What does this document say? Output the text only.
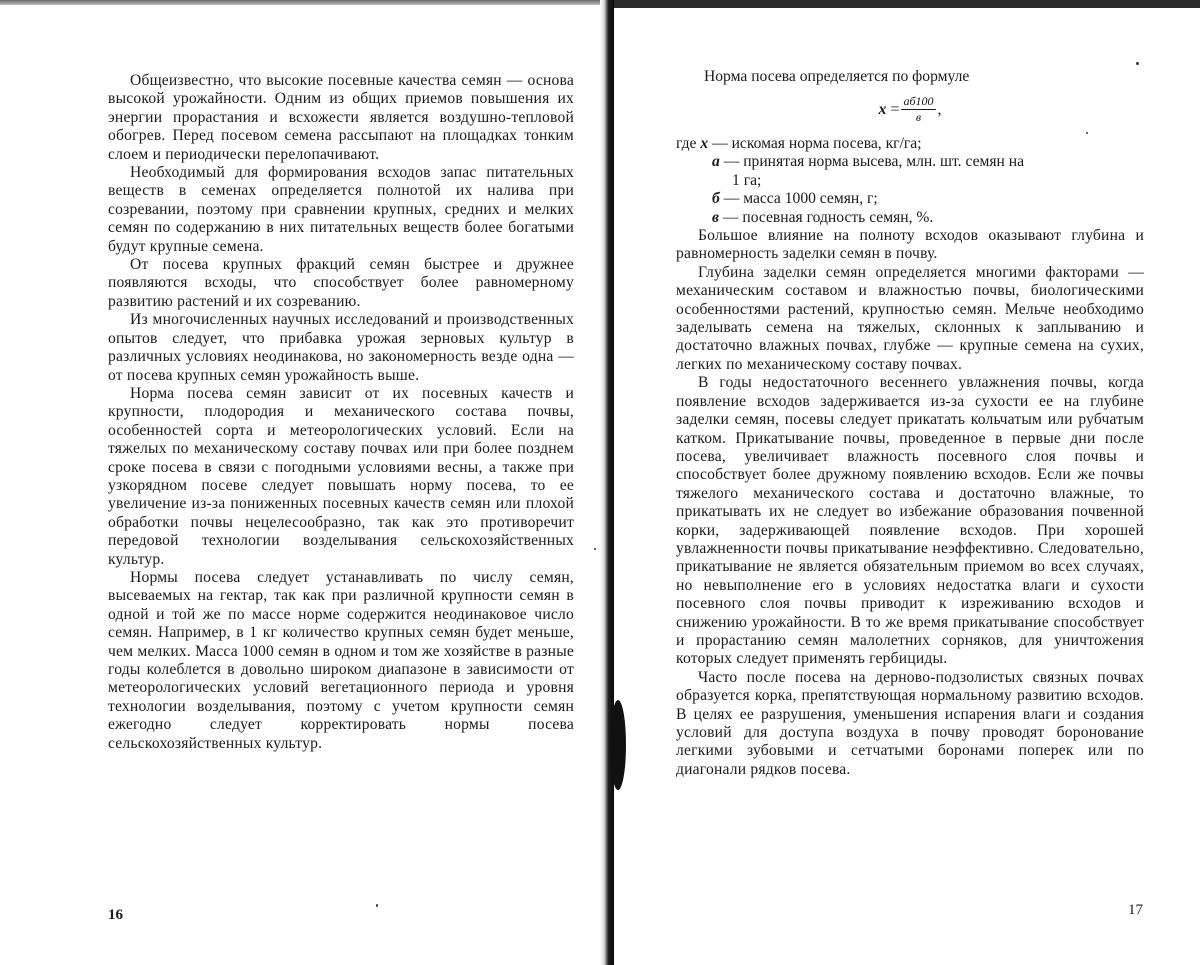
Общеизвестно, что высокие посевные качества семян — основа высокой урожайности. Одним из общих приемов повышения их энергии прорастания и всхожести является воздушно-тепловой обогрев. Перед посевом семена рассыпают на площадках тонким слоем и периодически перелопачивают.

Необходимый для формирования всходов запас питательных веществ в семенах определяется полнотой их налива при созревании, поэтому при сравнении крупных, средних и мелких семян по содержанию в них питательных веществ более богатыми будут крупные семена.

От посева крупных фракций семян быстрее и дружнее появляются всходы, что способствует более равномерному развитию растений и их созреванию.

Из многочисленных научных исследований и производственных опытов следует, что прибавка урожая зерновых культур в различных условиях неодинакова, но закономерность везде одна — от посева крупных семян урожайность выше.

Норма посева семян зависит от их посевных качеств и крупности, плодородия и механического состава почвы, особенностей сорта и метеорологических условий. Если на тяжелых по механическому составу почвах или при более позднем сроке посева в связи с погодными условиями весны, а также при узкорядном посеве следует повышать норму посева, то ее увеличение из-за пониженных посевных качеств семян или плохой обработки почвы нецелесообразно, так как это противоречит передовой технологии возделывания сельскохозяйственных культур.

Нормы посева следует устанавливать по числу семян, высеваемых на гектар, так как при различной крупности семян в одной и той же по массе норме содержится неодинаковое число семян. Например, в 1 кг количество крупных семян будет меньше, чем мелких. Масса 1000 семян в одном и том же хозяйстве в разные годы колеблется в довольно широком диапазоне в зависимости от метеорологических условий вегетационного периода и уровня технологии возделывания, поэтому с учетом крупности семян ежегодно следует корректировать нормы посева сельскохозяйственных культур.

16

Норма посева определяется по формуле

$x = \frac{аб100}{в}$ ,
где x — искомая норма посева, кг/га;
а — принятая норма высева, млн. шт. семян на
1 га;
б — масса 1000 семян, г;
в — посевная годность семян, %.

Большое влияние на полноту всходов оказывают глубина и равномерность заделки семян в почву.

Глубина заделки семян определяется многими факторами — механическим составом и влажностью почвы, биологическими особенностями растений, крупностью семян. Мельче необходимо заделывать семена на тяжелых, склонных к заплыванию и достаточно влажных почвах, глубже — крупные семена на сухих, легких по механическому составу почвах.

В годы недостаточного весеннего увлажнения почвы, когда появление всходов задерживается из-за сухости ее на глубине заделки семян, посевы следует прикатать кольчатым или рубчатым катком. Прикатывание почвы, проведенное в первые дни после посева, увеличивает влажность посевного слоя почвы и способствует более дружному появлению всходов. Если же почвы тяжелого механического состава и достаточно влажные, то прикатывать их не следует во избежание образования почвенной корки, задерживающей появление всходов. При хорошей увлажненности почвы прикатывание неэффективно. Следовательно, прикатывание не является обязательным приемом во всех случаях, но невыполнение его в условиях недостатка влаги и сухости посевного слоя почвы приводит к изреживанию всходов и снижению урожайности. В то же время прикатывание способствует и прорастанию семян малолетних сорняков, для уничтожения которых следует применять гербициды.

Часто после посева на дерново-подзолистых связных почвах образуется корка, препятствующая нормальному развитию всходов. В целях ее разрушения, уменьшения испарения влаги и создания условий для доступа воздуха в почву проводят боронование легкими зубовыми и сетчатыми боронами поперек или по диагонали рядков посева.

17
